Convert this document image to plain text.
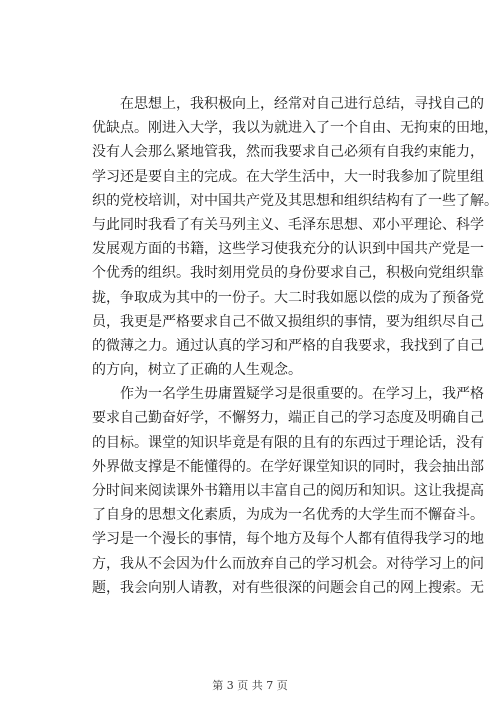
　　在思想上，我积极向上，经常对自己进行总结，寻找自己的
优缺点。刚进入大学，我以为就进入了一个自由、无拘束的田地，
没有人会那么紧地管我，然而我要求自己必须有自我约束能力，
学习还是要自主的完成。在大学生活中，大一时我参加了院里组
织的党校培训，对中国共产党及其思想和组织结构有了一些了解。
与此同时我看了有关马列主义、毛泽东思想、邓小平理论、科学
发展观方面的书籍，这些学习使我充分的认识到中国共产党是一
个优秀的组织。我时刻用党员的身份要求自己，积极向党组织靠
拢，争取成为其中的一份子。大二时我如愿以偿的成为了预备党
员，我更是严格要求自己不做又损组织的事情，要为组织尽自己
的微薄之力。通过认真的学习和严格的自我要求，我找到了自己
的方向，树立了正确的人生观念。
　　作为一名学生毋庸置疑学习是很重要的。在学习上，我严格
要求自己勤奋好学，不懈努力，端正自己的学习态度及明确自己
的目标。课堂的知识毕竟是有限的且有的东西过于理论话，没有
外界做支撑是不能懂得的。在学好课堂知识的同时，我会抽出部
分时间来阅读课外书籍用以丰富自己的阅历和知识。这让我提高
了自身的思想文化素质，为成为一名优秀的大学生而不懈奋斗。
学习是一个漫长的事情，每个地方及每个人都有值得我学习的地
方，我从不会因为什么而放弃自己的学习机会。对待学习上的问
题，我会向别人请教，对有些很深的问题会自己的网上搜索。无
第 3 页 共 7 页
